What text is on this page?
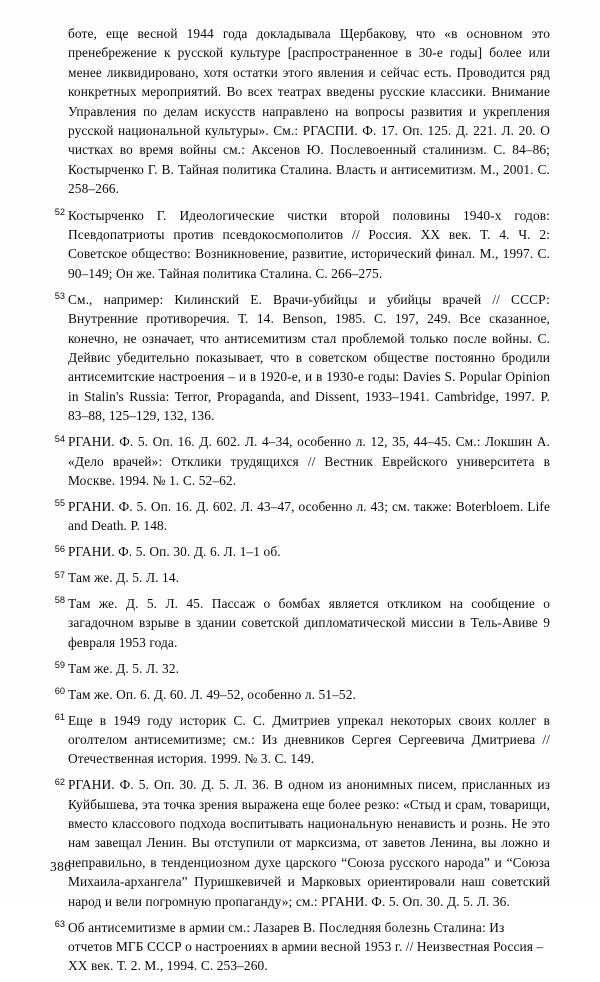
боте, еще весной 1944 года докладывала Щербакову, что «в основном это пренебрежение к русской культуре [распространенное в 30-е годы] более или менее ликвидировано, хотя остатки этого явления и сейчас есть. Проводится ряд конкретных мероприятий. Во всех театрах введены русские классики. Внимание Управления по делам искусств направлено на вопросы развития и укрепления русской национальной культуры». См.: РГАСПИ. Ф. 17. Оп. 125. Д. 221. Л. 20. О чистках во время войны см.: Аксенов Ю. Послевоенный сталинизм. С. 84–86; Костырченко Г. В. Тайная политика Сталина. Власть и антисемитизм. М., 2001. С. 258–266.

52 Костырченко Г. Идеологические чистки второй половины 1940-х годов: Псевдопатриоты против псевдокосмополитов // Россия. XX век. Т. 4. Ч. 2: Советское общество: Возникновение, развитие, исторический финал. М., 1997. С. 90–149; Он же. Тайная политика Сталина. С. 266–275.

53 См., например: Килинский Е. Врачи-убийцы и убийцы врачей // СССР: Внутренние противоречия. Т. 14. Benson, 1985. С. 197, 249. Все сказанное, конечно, не означает, что антисемитизм стал проблемой только после войны. С. Дейвис убедительно показывает, что в советском обществе постоянно бродили антисемитские настроения – и в 1920-е, и в 1930-е годы: Davies S. Popular Opinion in Stalin's Russia: Terror, Propaganda, and Dissent, 1933–1941. Cambridge, 1997. P. 83–88, 125–129, 132, 136.

54 РГАНИ. Ф. 5. Оп. 16. Д. 602. Л. 4–34, особенно л. 12, 35, 44–45. См.: Локшин А. «Дело врачей»: Отклики трудящихся // Вестник Еврейского университета в Москве. 1994. № 1. С. 52–62.

55 РГАНИ. Ф. 5. Оп. 16. Д. 602. Л. 43–47, особенно л. 43; см. также: Boterbloem. Life and Death. P. 148.

56 РГАНИ. Ф. 5. Оп. 30. Д. 6. Л. 1–1 об.

57 Там же. Д. 5. Л. 14.

58 Там же. Д. 5. Л. 45. Пассаж о бомбах является откликом на сообщение о загадочном взрыве в здании советской дипломатической миссии в Тель-Авиве 9 февраля 1953 года.

59 Там же. Д. 5. Л. 32.

60 Там же. Оп. 6. Д. 60. Л. 49–52, особенно л. 51–52.

61 Еще в 1949 году историк С. С. Дмитриев упрекал некоторых своих коллег в оголтелом антисемитизме; см.: Из дневников Сергея Сергеевича Дмитриева // Отечественная история. 1999. № 3. С. 149.

62 РГАНИ. Ф. 5. Оп. 30. Д. 5. Л. 36. В одном из анонимных писем, присланных из Куйбышева, эта точка зрения выражена еще более резко: «Стыд и срам, товарищи, вместо классового подхода воспитывать национальную ненависть и рознь. Не это нам завещал Ленин. Вы отступили от марксизма, от заветов Ленина, вы ложно и неправильно, в тенденциозном духе царского “Союза русского народа” и “Союза Михаила-архангела” Пуришкевичей и Марковых ориентировали наш советский народ и вели погромную пропаганду»; см.: РГАНИ. Ф. 5. Оп. 30. Д. 5. Л. 36.

63 Об антисемитизме в армии см.: Лазарев В. Последняя болезнь Сталина: Из отчетов МГБ СССР о настроениях в армии весной 1953 г. // Неизвестная Россия – XX век. Т. 2. М., 1994. С. 253–260.

386
